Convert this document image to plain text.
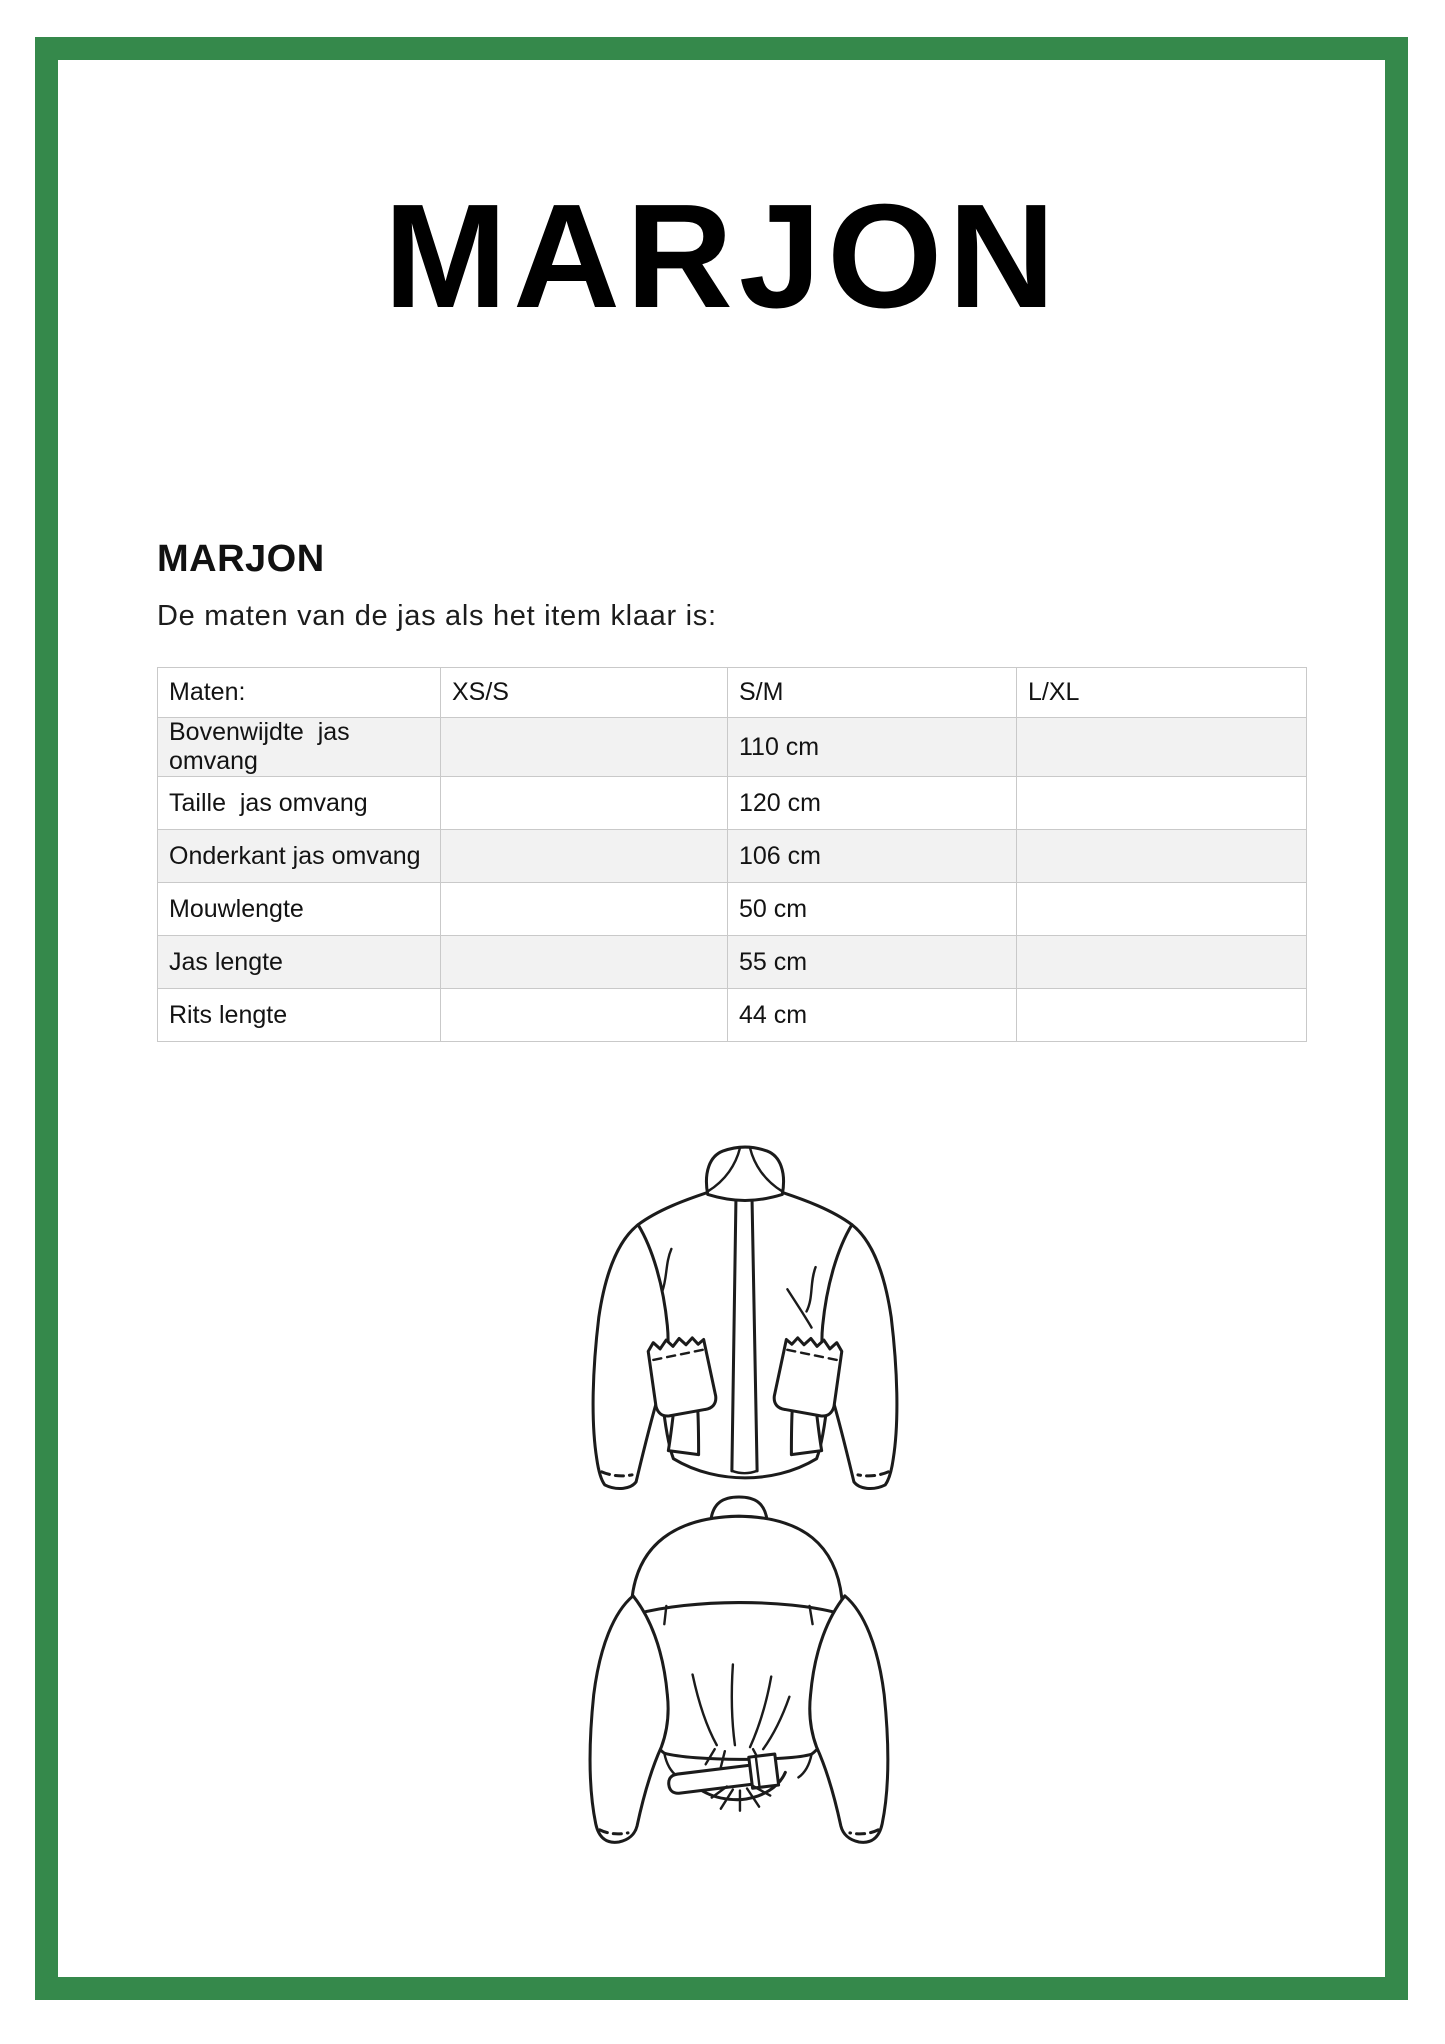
MARJON
MARJON

De maten van de jas als het item klaar is:

Maten:	XS/S	S/M	L/XL
Bovenwijdte  jas omvang		110 cm	
Taille  jas omvang		120 cm	
Onderkant jas omvang		106 cm	
Mouwlengte		50 cm	
Jas lengte		55 cm	
Rits lengte		44 cm	
